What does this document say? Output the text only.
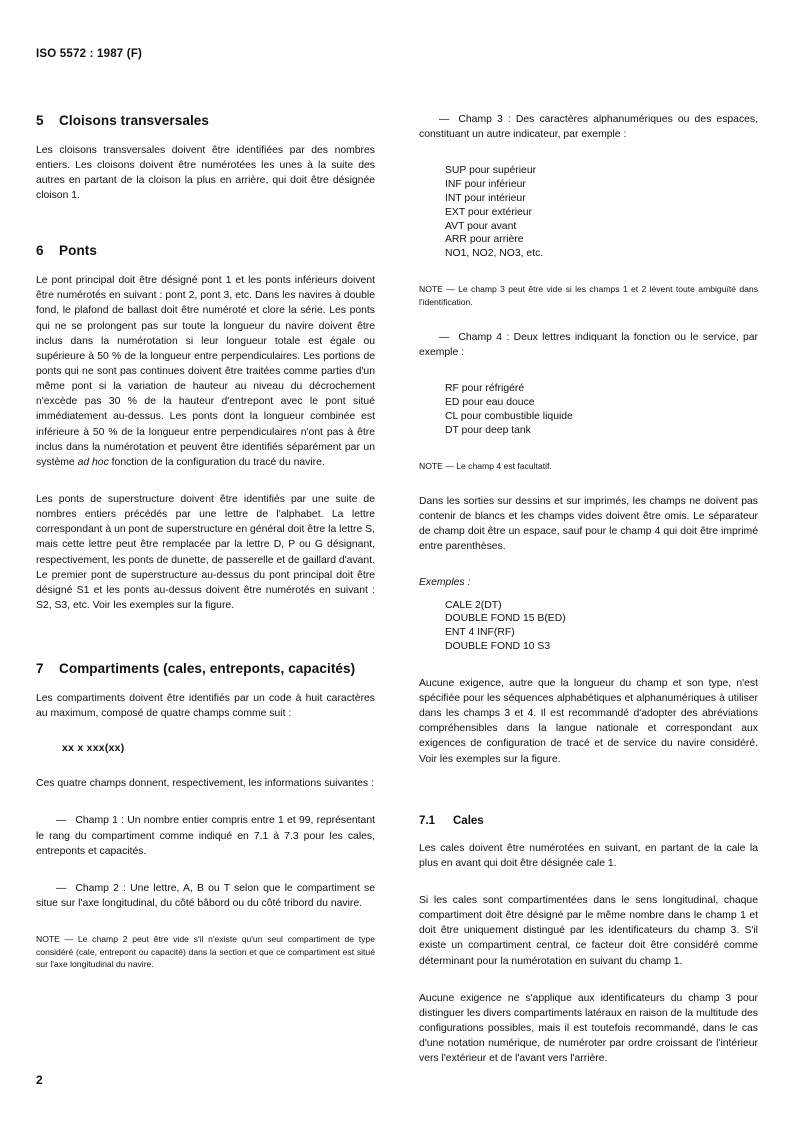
ISO 5572 : 1987 (F)
5 Cloisons transversales

Les cloisons transversales doivent être identifiées par des nombres entiers. Les cloisons doivent être numérotées les unes à la suite des autres en partant de la cloison la plus en arrière, qui doit être désignée cloison 1.

6 Ponts

Le pont principal doit être désigné pont 1 et les ponts inférieurs doivent être numérotés en suivant : pont 2, pont 3, etc. Dans les navires à double fond, le plafond de ballast doit être numéroté et clore la série. Les ponts qui ne se prolongent pas sur toute la longueur du navire doivent être inclus dans la numérotation si leur longueur totale est égale ou supérieure à 50 % de la longueur entre perpendiculaires. Les portions de ponts qui ne sont pas continues doivent être traitées comme parties d'un même pont si la variation de hauteur au niveau du décrochement n'excède pas 30 % de la hauteur d'entrepont avec le pont situé immédiatement au-dessus. Les ponts dont la longueur combinée est inférieure à 50 % de la longueur entre perpendiculaires n'ont pas à être inclus dans la numérotation et peuvent être identifiés séparément par un système ad hoc fonction de la configuration du tracé du navire.

Les ponts de superstructure doivent être identifiés par une suite de nombres entiers précédés par une lettre de l'alphabet. La lettre correspondant à un pont de superstructure en général doit être la lettre S, mais cette lettre peut être remplacée par la lettre D, P ou G désignant, respectivement, les ponts de dunette, de passerelle et de gaillard d'avant. Le premier pont de superstructure au-dessus du pont principal doit être désigné S1 et les ponts au-dessus doivent être numérotés en suivant : S2, S3, etc. Voir les exemples sur la figure.

7 Compartiments (cales, entreponts, capacités)

Les compartiments doivent être identifiés par un code à huit caractères au maximum, composé de quatre champs comme suit :

xx x xxx(xx)

Ces quatre champs donnent, respectivement, les informations suivantes :

— Champ 1 : Un nombre entier compris entre 1 et 99, représentant le rang du compartiment comme indiqué en 7.1 à 7.3 pour les cales, entreponts et capacités.

— Champ 2 : Une lettre, A, B ou T selon que le compartiment se situe sur l'axe longitudinal, du côté bâbord ou du côté tribord du navire.

NOTE — Le champ 2 peut être vide s'il n'existe qu'un seul compartiment de type considéré (cale, entrepont ou capacité) dans la section et que ce compartiment est situé sur l'axe longitudinal du navire.

— Champ 3 : Des caractères alphanumériques ou des espaces, constituant un autre indicateur, par exemple :

SUP pour supérieur
INF pour inférieur
INT pour intérieur
EXT pour extérieur
AVT pour avant
ARR pour arrière
NO1, NO2, NO3, etc.

NOTE — Le champ 3 peut être vide si les champs 1 et 2 lèvent toute ambiguïté dans l'identification.

— Champ 4 : Deux lettres indiquant la fonction ou le service, par exemple :

RF pour réfrigéré
ED pour eau douce
CL pour combustible liquide
DT pour deep tank

NOTE — Le champ 4 est facultatif.

Dans les sorties sur dessins et sur imprimés, les champs ne doivent pas contenir de blancs et les champs vides doivent être omis. Le séparateur de champ doit être un espace, sauf pour le champ 4 qui doit être imprimé entre parenthèses.

Exemples :

CALE 2(DT)
DOUBLE FOND 15 B(ED)
ENT 4 INF(RF)
DOUBLE FOND 10 S3

Aucune exigence, autre que la longueur du champ et son type, n'est spécifiée pour les séquences alphabétiques et alphanumériques à utiliser dans les champs 3 et 4. Il est recommandé d'adopter des abréviations compréhensibles dans la langue nationale et correspondant aux exigences de configuration de tracé et de service du navire considéré. Voir les exemples sur la figure.

7.1 Cales

Les cales doivent être numérotées en suivant, en partant de la cale la plus en avant qui doit être désignée cale 1.

Si les cales sont compartimentées dans le sens longitudinal, chaque compartiment doit être désigné par le même nombre dans le champ 1 et doit être uniquement distingué par les identificateurs du champ 3. S'il existe un compartiment central, ce facteur doit être considéré comme déterminant pour la numérotation en suivant du champ 1.

Aucune exigence ne s'applique aux identificateurs du champ 3 pour distinguer les divers compartiments latéraux en raison de la multitude des configurations possibles, mais il est toutefois recommandé, dans le cas d'une notation numérique, de numéroter par ordre croissant de l'intérieur vers l'extérieur et de l'avant vers l'arrière.

2
